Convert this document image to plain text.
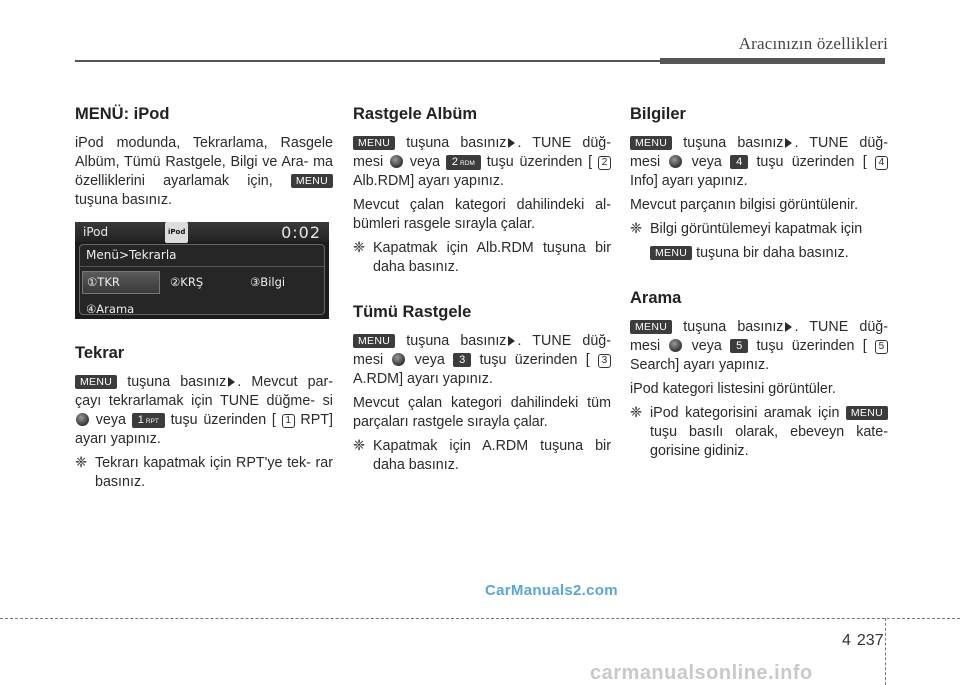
Aracınızın özellikleri
MENÜ: iPod

iPod modunda, Tekrarlama, Rasgele Albüm, Tümü Rastgele, Bilgi ve Ara- ma özelliklerini ayarlamak için, MENU tuşuna basınız.

iPod	iPod	0:02
Menü>Tekrarla
①TKR	②KRŞ	③Bilgi
④Arama
Tekrar

MENU tuşuna basınız . Mevcut par- çayı tekrarlamak için TUNE düğme- si  veya 1 RPT tuşu üzerinden [ 1 RPT] ayarı yapınız.

❈ Tekrarı kapatmak için RPT'ye tek- rar basınız.
Rastgele Albüm

MENU tuşuna basınız . TUNE düğ- mesi veya 2 RDM tuşu üzerinden [ 2 Alb.RDM] ayarı yapınız.

Mevcut çalan kategori dahilindeki al- bümleri rasgele sırayla çalar.

❈ Kapatmak için Alb.RDM tuşuna bir daha basınız.
Tümü Rastgele

MENU tuşuna basınız . TUNE düğ- mesi veya 3 tuşu üzerinden [ 3 A.RDM] ayarı yapınız.

Mevcut çalan kategori dahilindeki tüm parçaları rastgele sırayla çalar.

❈ Kapatmak için A.RDM tuşuna bir daha basınız.
Bilgiler

MENU tuşuna basınız . TUNE düğ- mesi veya 4 tuşu üzerinden [ 4 Info] ayarı yapınız.

Mevcut parçanın bilgisi görüntülenir.

❈ Bilgi görüntülemeyi kapatmak için

MENU tuşuna bir daha basınız.

Arama

MENU tuşuna basınız . TUNE düğ- mesi veya 5 tuşu üzerinden [ 5 Search] ayarı yapınız.

iPod kategori listesini görüntüler.

❈ iPod kategorisini aramak için MENU tuşu basılı olarak, ebeveyn kate- gorisine gidiniz.
CarManuals2.com
4 237
carmanualsonline.info
